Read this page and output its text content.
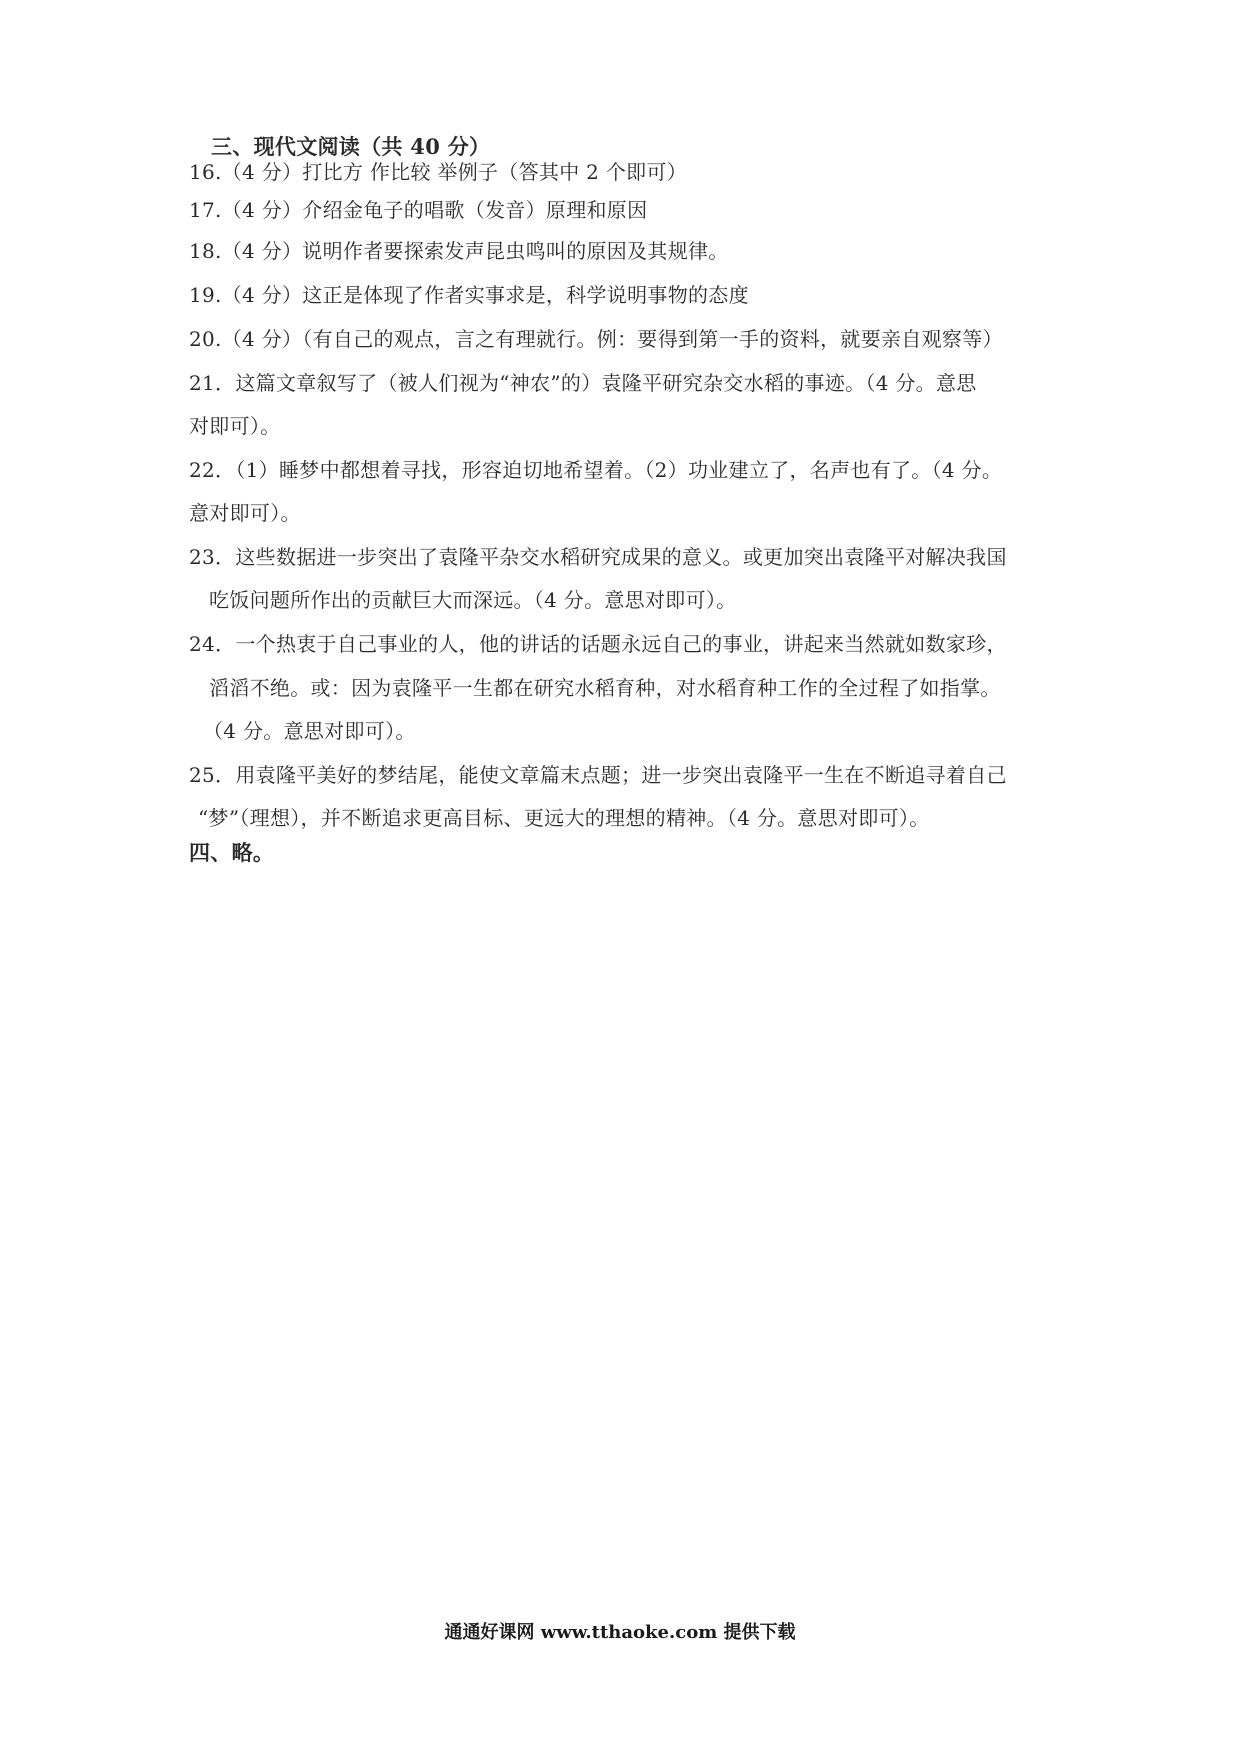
三、现代文阅读（共 40 分）
16.（4 分）打比方 作比较 举例子（答其中 2 个即可）
17.（4 分）介绍金龟子的唱歌（发音）原理和原因
18.（4 分）说明作者要探索发声昆虫鸣叫的原因及其规律。
19.（4 分）这正是体现了作者实事求是，科学说明事物的态度
20.（4 分）（有自己的观点，言之有理就行。例：要得到第一手的资料，就要亲自观察等）
21．这篇文章叙写了（被人们视为“神农”的）袁隆平研究杂交水稻的事迹。（4 分。意思
对即可）。
22．（1）睡梦中都想着寻找，形容迫切地希望着。（2）功业建立了，名声也有了。（4 分。
意对即可）。
23．这些数据进一步突出了袁隆平杂交水稻研究成果的意义。或更加突出袁隆平对解决我国
吃饭问题所作出的贡献巨大而深远。（4 分。意思对即可）。
24．一个热衷于自己事业的人，他的讲话的话题永远自己的事业，讲起来当然就如数家珍，
滔滔不绝。或：因为袁隆平一生都在研究水稻育种，对水稻育种工作的全过程了如指掌。
（4 分。意思对即可）。
25．用袁隆平美好的梦结尾，能使文章篇末点题；进一步突出袁隆平一生在不断追寻着自己
“梦”（理想），并不断追求更高目标、更远大的理想的精神。（4 分。意思对即可）。
四、略。
通通好课网 www.tthaoke.com 提供下载
